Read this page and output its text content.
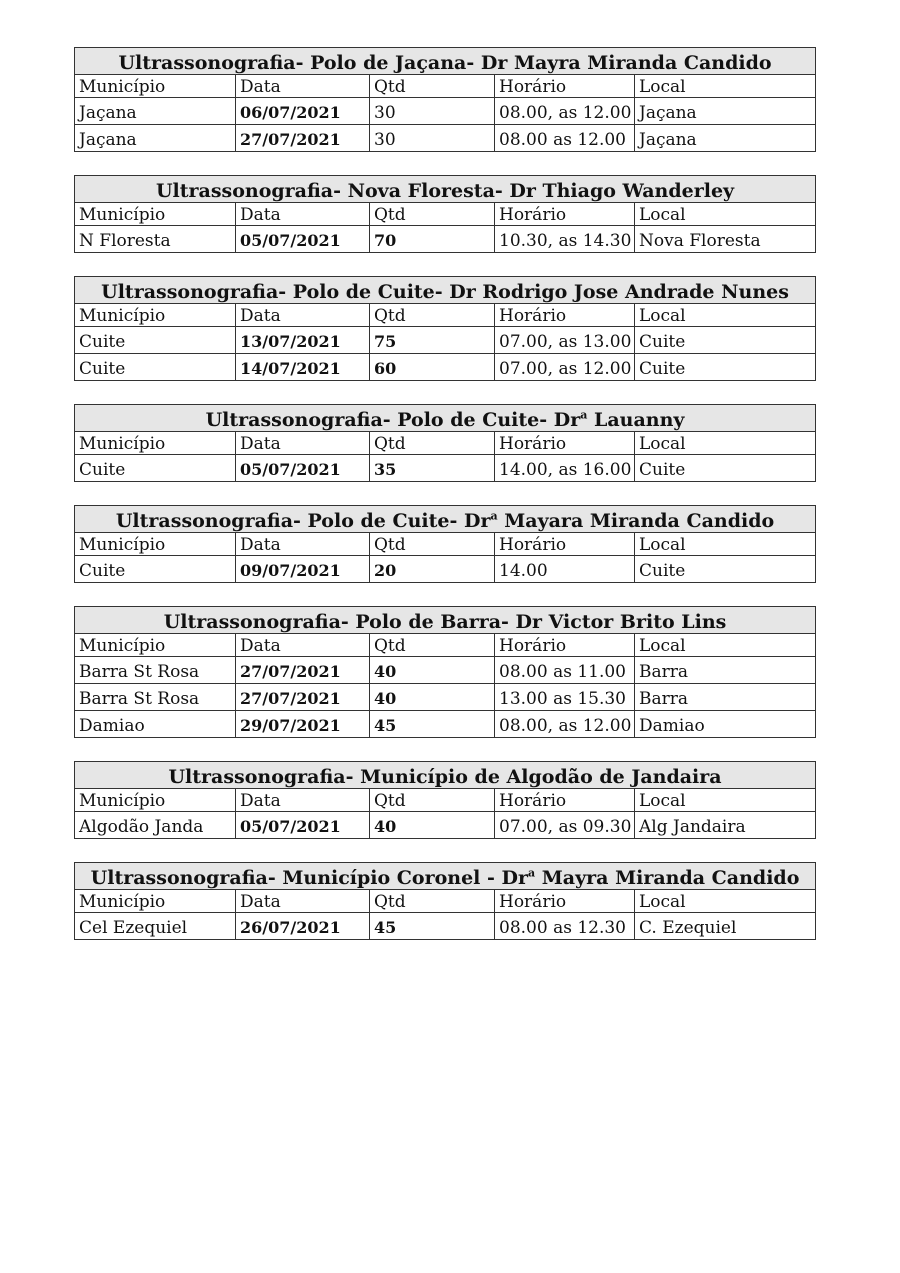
Ultrassonografia- Polo de Jaçana- Dr Mayra Miranda Candido				
Município	Data	Qtd	Horário	Local
Jaçana	06/07/2021	30	08.00, as 12.00	Jaçana
Jaçana	27/07/2021	30	08.00 as 12.00	Jaçana
Ultrassonografia- Nova Floresta- Dr Thiago Wanderley				
Município	Data	Qtd	Horário	Local
N Floresta	05/07/2021	70	10.30, as 14.30	Nova Floresta
Ultrassonografia- Polo de Cuite- Dr Rodrigo Jose Andrade Nunes				
Município	Data	Qtd	Horário	Local
Cuite	13/07/2021	75	07.00, as 13.00	Cuite
Cuite	14/07/2021	60	07.00, as 12.00	Cuite
Ultrassonografia- Polo de Cuite- Dr$^a$ Lauanny				
Município	Data	Qtd	Horário	Local
Cuite	05/07/2021	35	14.00, as 16.00	Cuite
Ultrassonografia- Polo de Cuite- Dr$^a$ Mayara Miranda Candido				
Município	Data	Qtd	Horário	Local
Cuite	09/07/2021	20	14.00	Cuite
Ultrassonografia- Polo de Barra- Dr Victor Brito Lins				
Município	Data	Qtd	Horário	Local
Barra St Rosa	27/07/2021	40	08.00 as 11.00	Barra
Barra St Rosa	27/07/2021	40	13.00 as 15.30	Barra
Damiao	29/07/2021	45	08.00, as 12.00	Damiao
Ultrassonografia- Município de Algodão de Jandaira				
Município	Data	Qtd	Horário	Local
Algodão Janda	05/07/2021	40	07.00, as 09.30	Alg Jandaira
Ultrassonografia- Município Coronel - Dr$^a$ Mayra Miranda Candido				
Município	Data	Qtd	Horário	Local
Cel Ezequiel	26/07/2021	45	08.00 as 12.30	C. Ezequiel
